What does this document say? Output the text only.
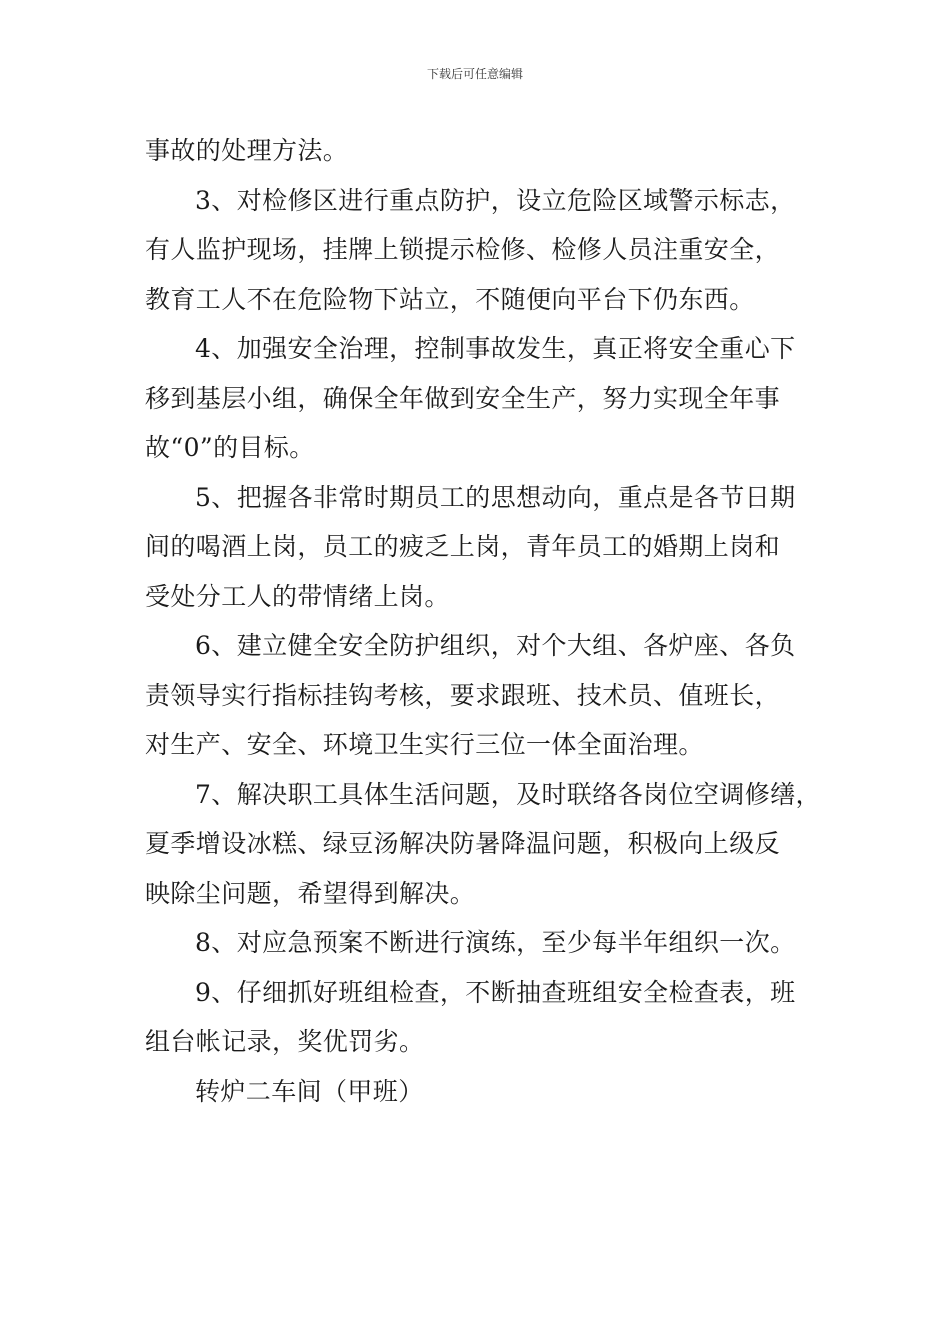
下载后可任意编辑
事故的处理方法。
3、对检修区进行重点防护，设立危险区域警示标志，
有人监护现场，挂牌上锁提示检修、检修人员注重安全，
教育工人不在危险物下站立，不随便向平台下仍东西。
4、加强安全治理，控制事故发生，真正将安全重心下
移到基层小组，确保全年做到安全生产，努力实现全年事
故“0”的目标。
5、把握各非常时期员工的思想动向，重点是各节日期
间的喝酒上岗，员工的疲乏上岗，青年员工的婚期上岗和
受处分工人的带情绪上岗。
6、建立健全安全防护组织，对个大组、各炉座、各负
责领导实行指标挂钩考核，要求跟班、技术员、值班长，
对生产、安全、环境卫生实行三位一体全面治理。
7、解决职工具体生活问题，及时联络各岗位空调修缮，
夏季增设冰糕、绿豆汤解决防暑降温问题，积极向上级反
映除尘问题，希望得到解决。
8、对应急预案不断进行演练，至少每半年组织一次。
9、仔细抓好班组检查，不断抽查班组安全检查表，班
组台帐记录，奖优罚劣。
转炉二车间（甲班）
